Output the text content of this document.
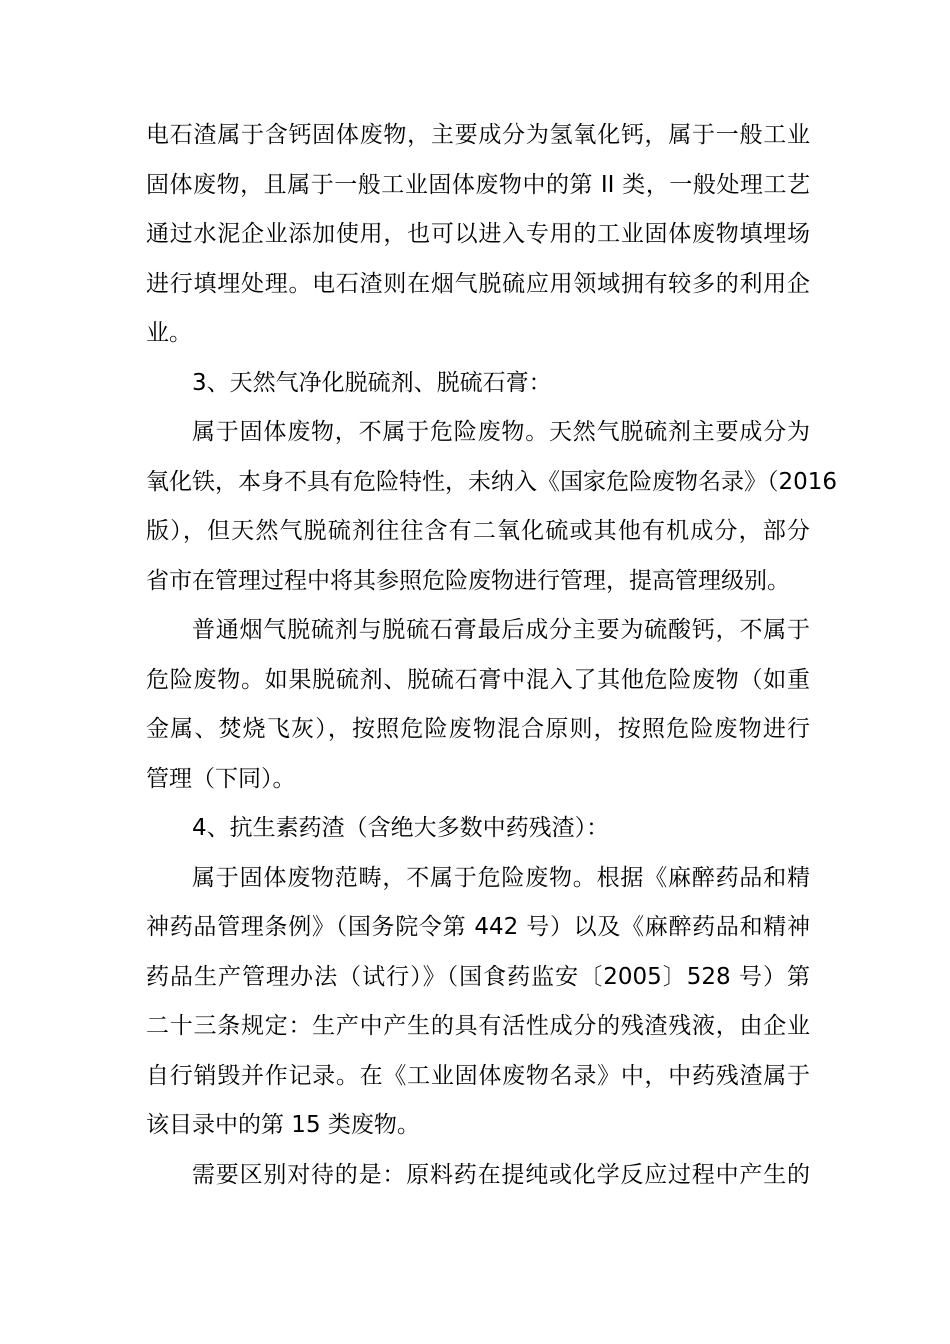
电石渣属于含钙固体废物，主要成分为氢氧化钙，属于一般工业
固体废物，且属于一般工业固体废物中的第 II 类，一般处理工艺
通过水泥企业添加使用，也可以进入专用的工业固体废物填埋场
进行填埋处理。电石渣则在烟气脱硫应用领域拥有较多的利用企
业。
3、天然气净化脱硫剂、脱硫石膏：
属于固体废物，不属于危险废物。天然气脱硫剂主要成分为
氧化铁，本身不具有危险特性，未纳入《国家危险废物名录》（2016
版），但天然气脱硫剂往往含有二氧化硫或其他有机成分，部分
省市在管理过程中将其参照危险废物进行管理，提高管理级别。
普通烟气脱硫剂与脱硫石膏最后成分主要为硫酸钙，不属于
危险废物。如果脱硫剂、脱硫石膏中混入了其他危险废物（如重
金属、焚烧飞灰），按照危险废物混合原则，按照危险废物进行
管理（下同）。
4、抗生素药渣（含绝大多数中药残渣）：
属于固体废物范畴，不属于危险废物。根据《麻醉药品和精
神药品管理条例》（国务院令第 442 号）以及《麻醉药品和精神
药品生产管理办法（试行）》（国食药监安〔2005〕528 号）第
二十三条规定：生产中产生的具有活性成分的残渣残液，由企业
自行销毁并作记录。在《工业固体废物名录》中，中药残渣属于
该目录中的第 15 类废物。
需要区别对待的是：原料药在提纯或化学反应过程中产生的
